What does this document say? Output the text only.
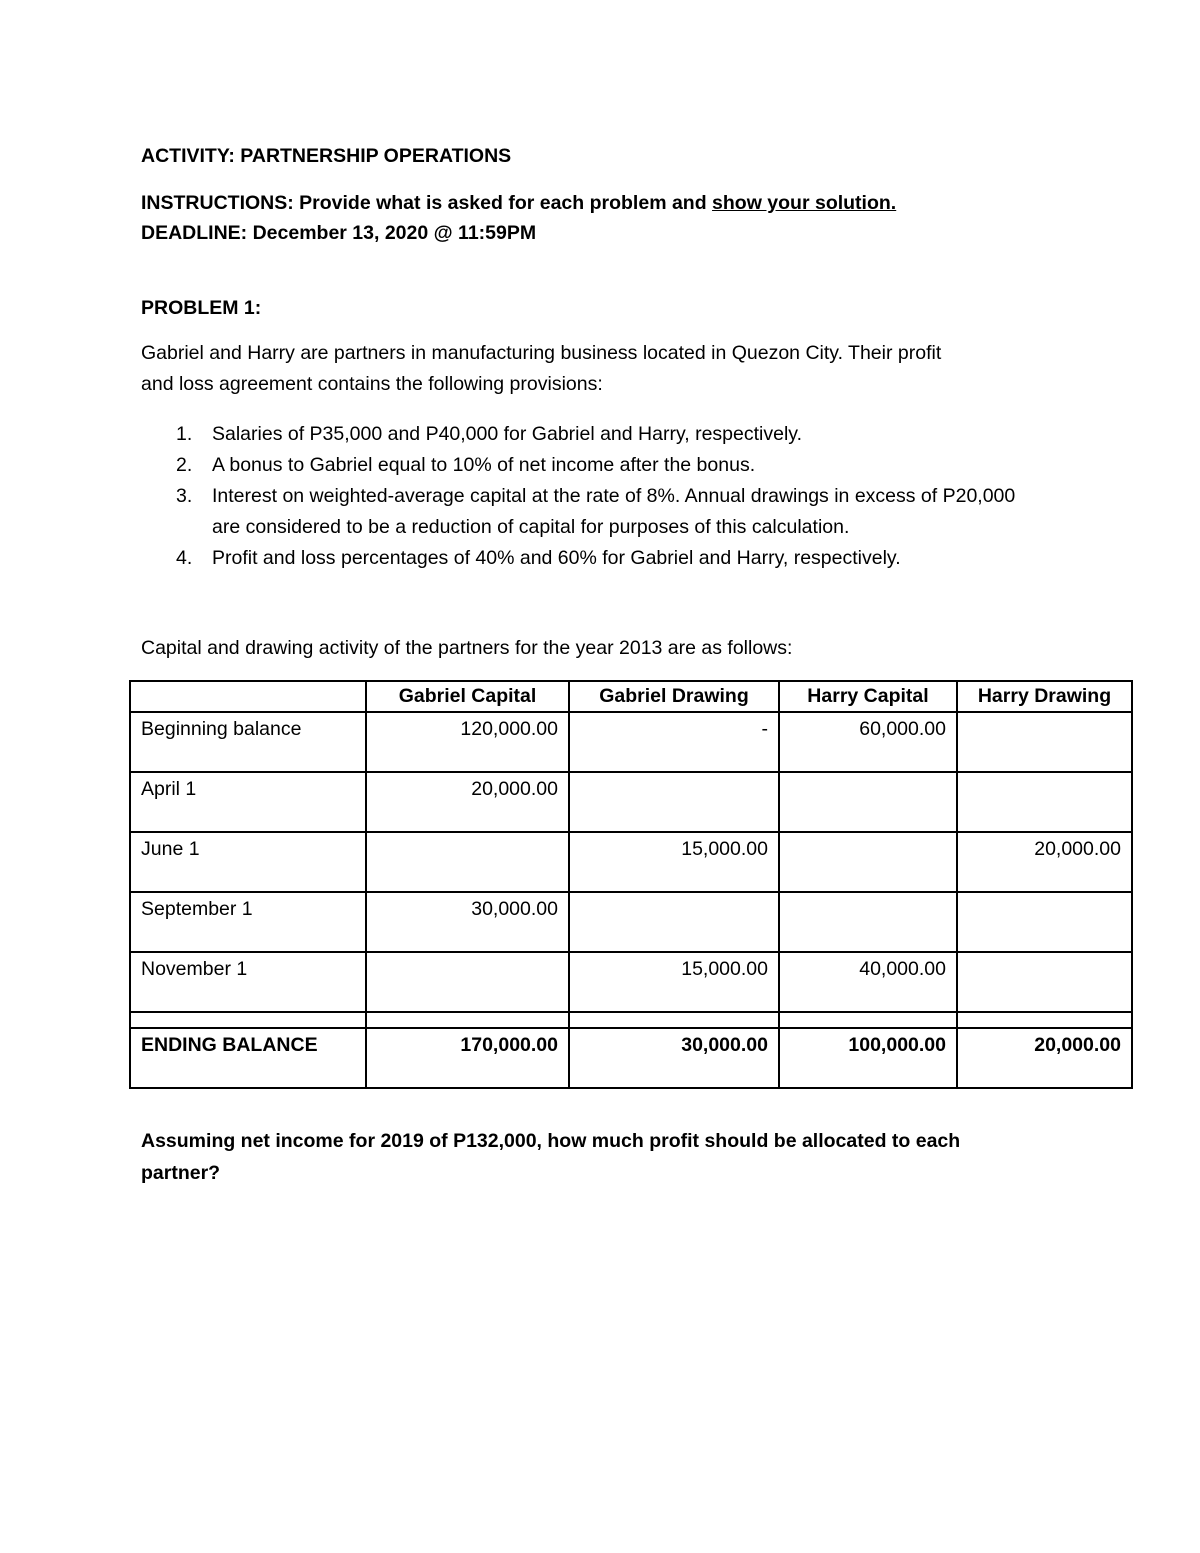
ACTIVITY: PARTNERSHIP OPERATIONS
INSTRUCTIONS: Provide what is asked for each problem and show your solution.
DEADLINE: December 13, 2020 @ 11:59PM
PROBLEM 1:
Gabriel and Harry are partners in manufacturing business located in Quezon City. Their profit
and loss agreement contains the following provisions:
1. Salaries of P35,000 and P40,000 for Gabriel and Harry, respectively.
2. A bonus to Gabriel equal to 10% of net income after the bonus.
3. Interest on weighted-average capital at the rate of 8%. Annual drawings in excess of P20,000 are considered to be a reduction of capital for purposes of this calculation.
4. Profit and loss percentages of 40% and 60% for Gabriel and Harry, respectively.
Capital and drawing activity of the partners for the year 2013 are as follows:
	Gabriel Capital	Gabriel Drawing	Harry Capital	Harry Drawing
Beginning balance	120,000.00	-	60,000.00	
April 1	20,000.00			
June 1		15,000.00		20,000.00
September 1	30,000.00			
November 1		15,000.00	40,000.00	

ENDING BALANCE	170,000.00	30,000.00	100,000.00	20,000.00
Assuming net income for 2019 of P132,000, how much profit should be allocated to each
partner?
